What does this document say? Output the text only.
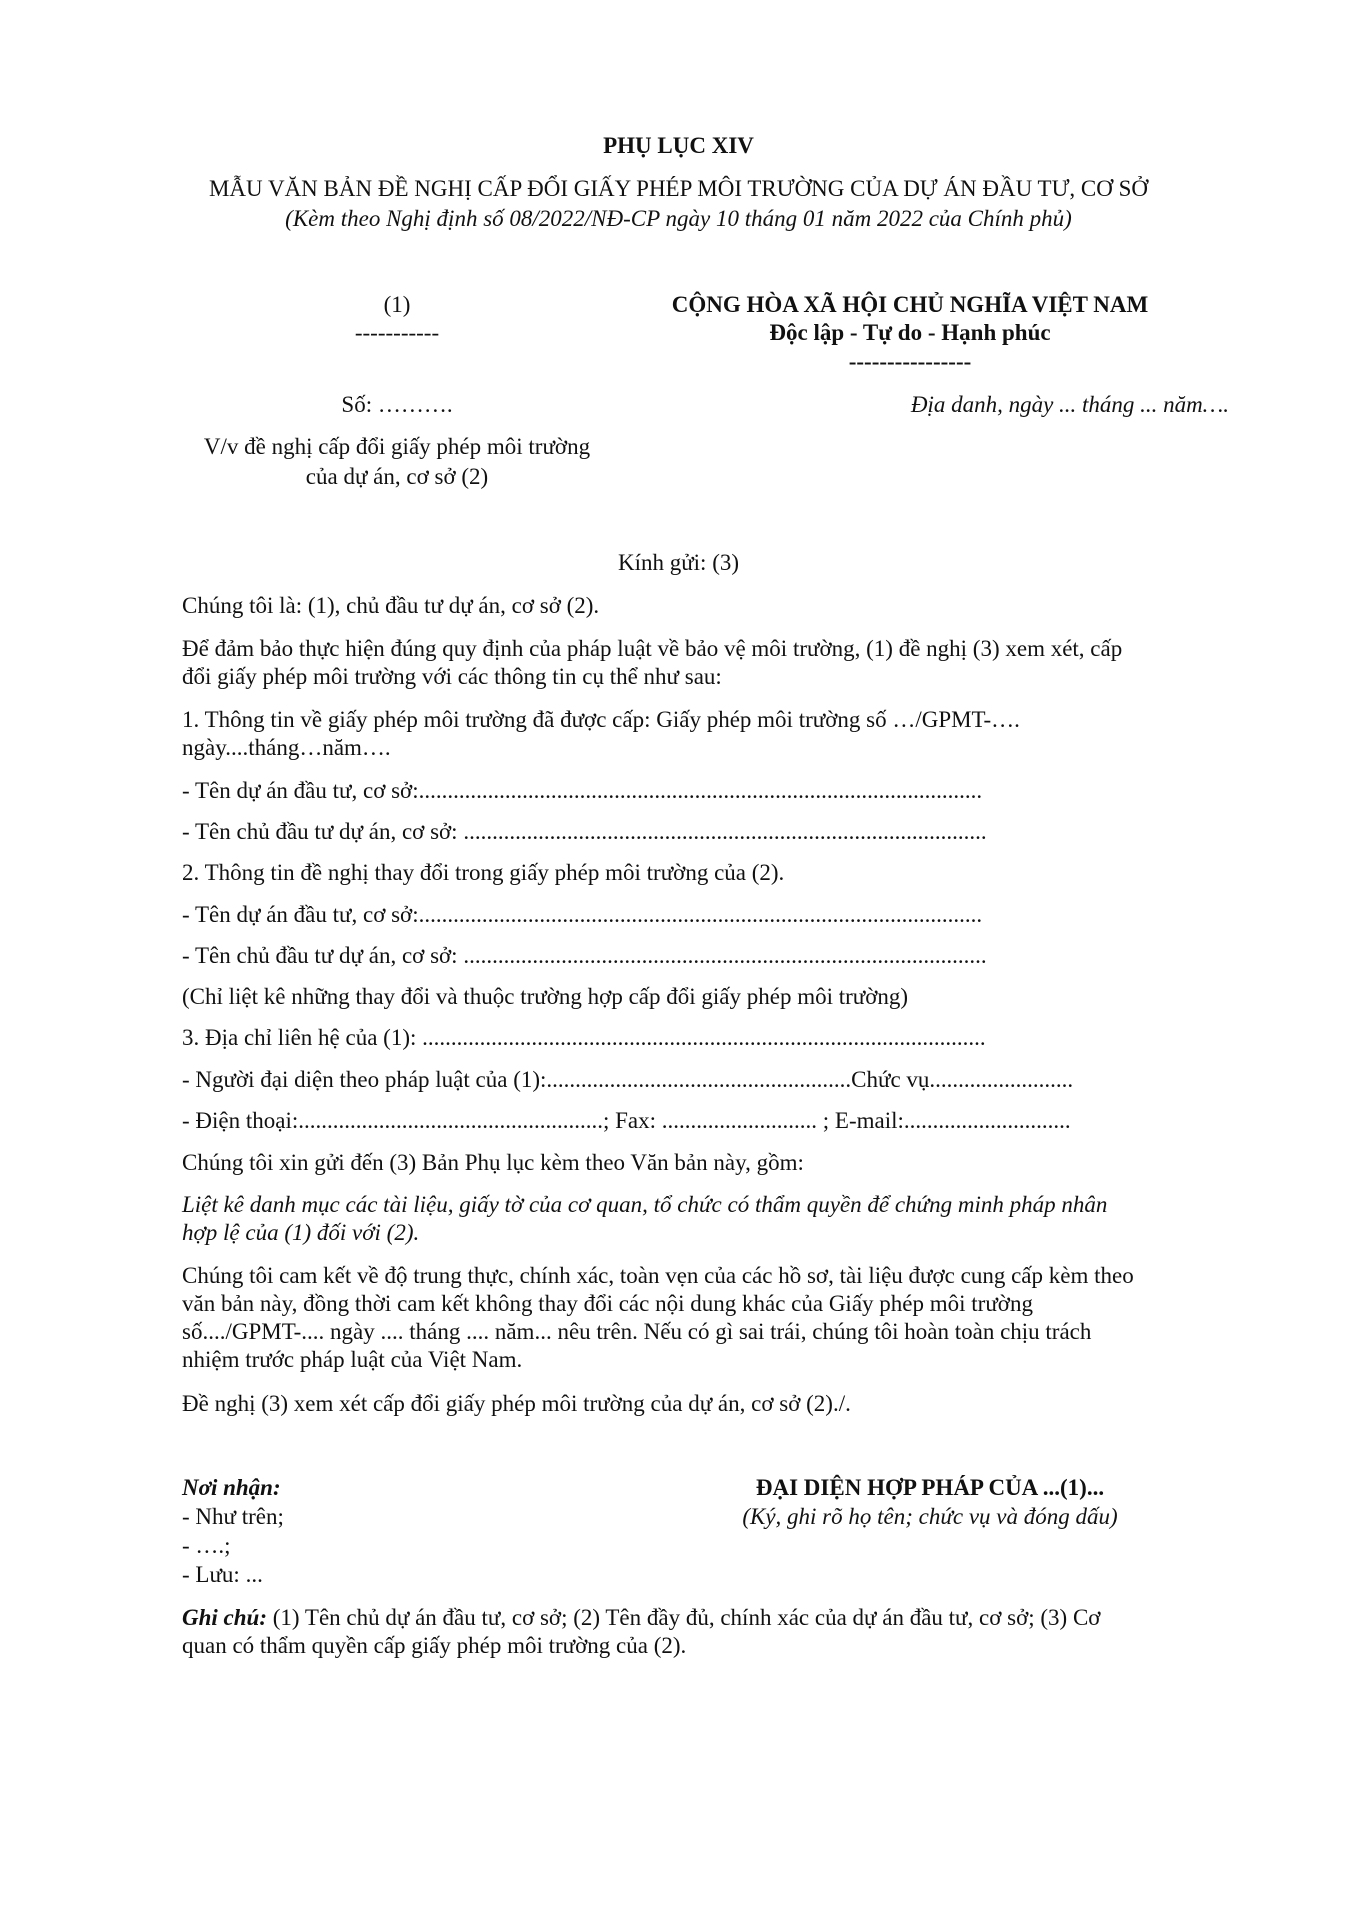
PHỤ LỤC XIV
MẪU VĂN BẢN ĐỀ NGHỊ CẤP ĐỔI GIẤY PHÉP MÔI TRƯỜNG CỦA DỰ ÁN ĐẦU TƯ, CƠ SỞ
(Kèm theo Nghị định số 08/2022/NĐ-CP ngày 10 tháng 01 năm 2022 của Chính phủ)
(1)
-----------
Số: ……….
V/v đề nghị cấp đổi giấy phép môi trường
của dự án, cơ sở (2)
CỘNG HÒA XÃ HỘI CHỦ NGHĨA VIỆT NAM
Độc lập - Tự do - Hạnh phúc
----------------
Địa danh, ngày ... tháng ... năm….
Kính gửi: (3)
Chúng tôi là: (1), chủ đầu tư dự án, cơ sở (2).
Để đảm bảo thực hiện đúng quy định của pháp luật về bảo vệ môi trường, (1) đề nghị (3) xem xét, cấp
đổi giấy phép môi trường với các thông tin cụ thể như sau:
1. Thông tin về giấy phép môi trường đã được cấp: Giấy phép môi trường số …/GPMT-….
ngày....tháng…năm….
- Tên dự án đầu tư, cơ sở:..................................................................................................
- Tên chủ đầu tư dự án, cơ sở: ...........................................................................................
2. Thông tin đề nghị thay đổi trong giấy phép môi trường của (2).
- Tên dự án đầu tư, cơ sở:..................................................................................................
- Tên chủ đầu tư dự án, cơ sở: ...........................................................................................
(Chỉ liệt kê những thay đổi và thuộc trường hợp cấp đổi giấy phép môi trường)
3. Địa chỉ liên hệ của (1): ..................................................................................................
- Người đại diện theo pháp luật của (1):.....................................................Chức vụ.........................
- Điện thoại:.....................................................; Fax: ........................... ; E-mail:.............................
Chúng tôi xin gửi đến (3) Bản Phụ lục kèm theo Văn bản này, gồm:
Liệt kê danh mục các tài liệu, giấy tờ của cơ quan, tổ chức có thẩm quyền để chứng minh pháp nhân
hợp lệ của (1) đối với (2).
Chúng tôi cam kết về độ trung thực, chính xác, toàn vẹn của các hồ sơ, tài liệu được cung cấp kèm theo
văn bản này, đồng thời cam kết không thay đổi các nội dung khác của Giấy phép môi trường
số..../GPMT-.... ngày .... tháng .... năm... nêu trên. Nếu có gì sai trái, chúng tôi hoàn toàn chịu trách
nhiệm trước pháp luật của Việt Nam.
Đề nghị (3) xem xét cấp đổi giấy phép môi trường của dự án, cơ sở (2)./.
Nơi nhận:
- Như trên;
- ….;
- Lưu: ...
ĐẠI DIỆN HỢP PHÁP CỦA ...(1)...
(Ký, ghi rõ họ tên; chức vụ và đóng dấu)
Ghi chú: (1) Tên chủ dự án đầu tư, cơ sở; (2) Tên đầy đủ, chính xác của dự án đầu tư, cơ sở; (3) Cơ
quan có thẩm quyền cấp giấy phép môi trường của (2).
